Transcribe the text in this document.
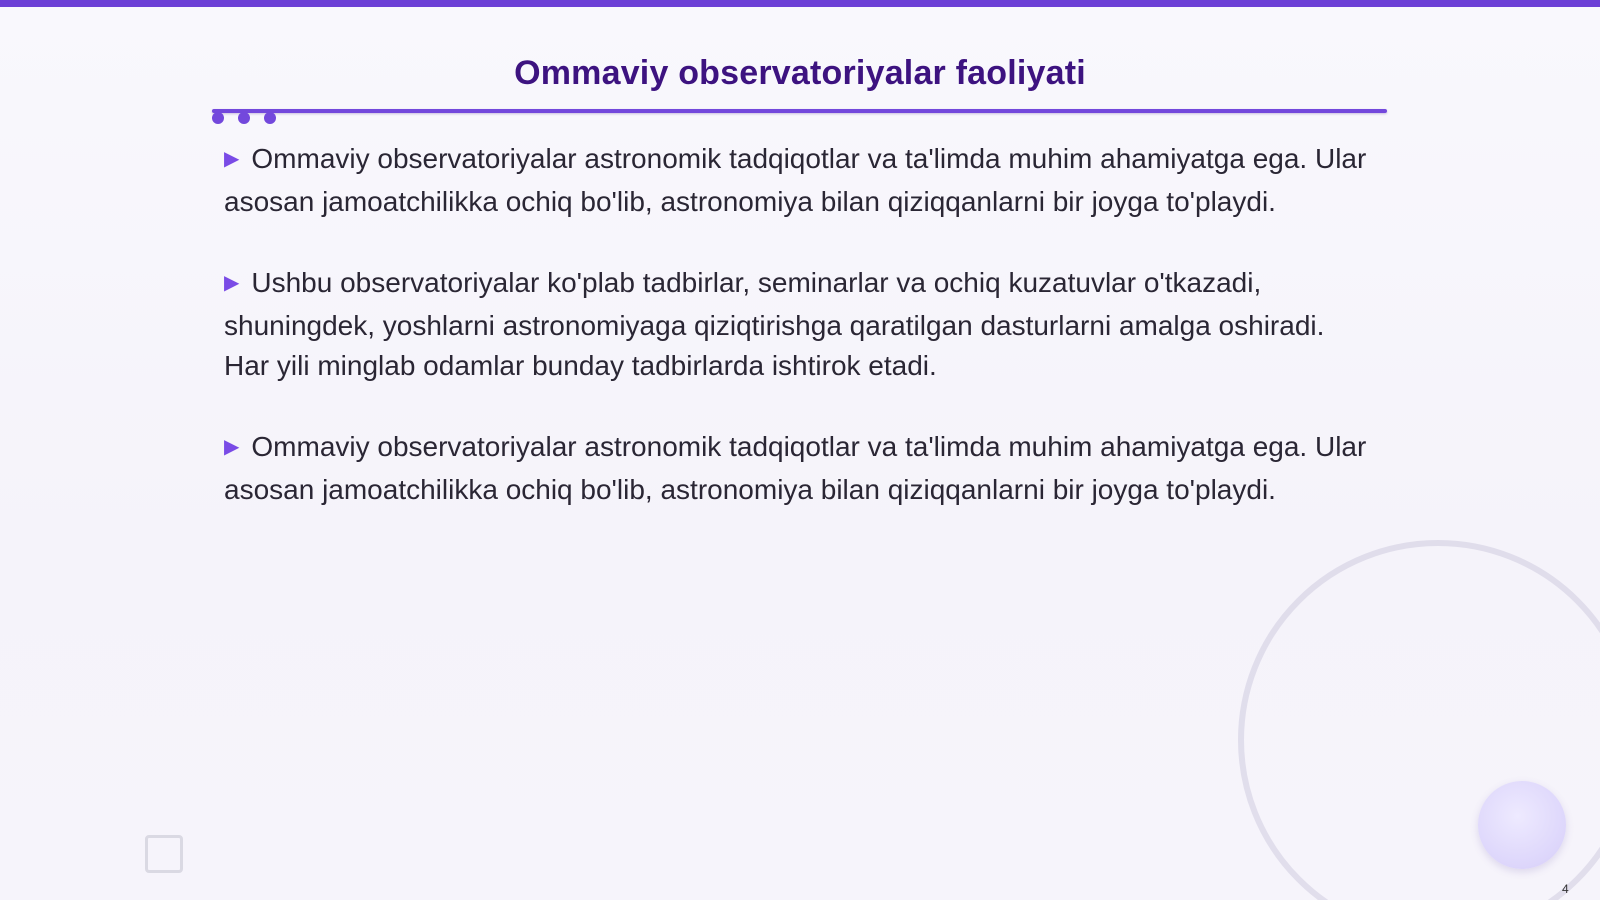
Ommaviy observatoriyalar faoliyati

▶ Ommaviy observatoriyalar astronomik tadqiqotlar va ta'limda muhim ahamiyatga ega. Ular asosan jamoatchilikka ochiq bo'lib, astronomiya bilan qiziqqanlarni bir joyga to'playdi.

▶ Ushbu observatoriyalar ko'plab tadbirlar, seminarlar va ochiq kuzatuvlar o'tkazadi, shuningdek, yoshlarni astronomiyaga qiziqtirishga qaratilgan dasturlarni amalga oshiradi. Har yili minglab odamlar bunday tadbirlarda ishtirok etadi.

▶ Ommaviy observatoriyalar astronomik tadqiqotlar va ta'limda muhim ahamiyatga ega. Ular asosan jamoatchilikka ochiq bo'lib, astronomiya bilan qiziqqanlarni bir joyga to'playdi.

4
